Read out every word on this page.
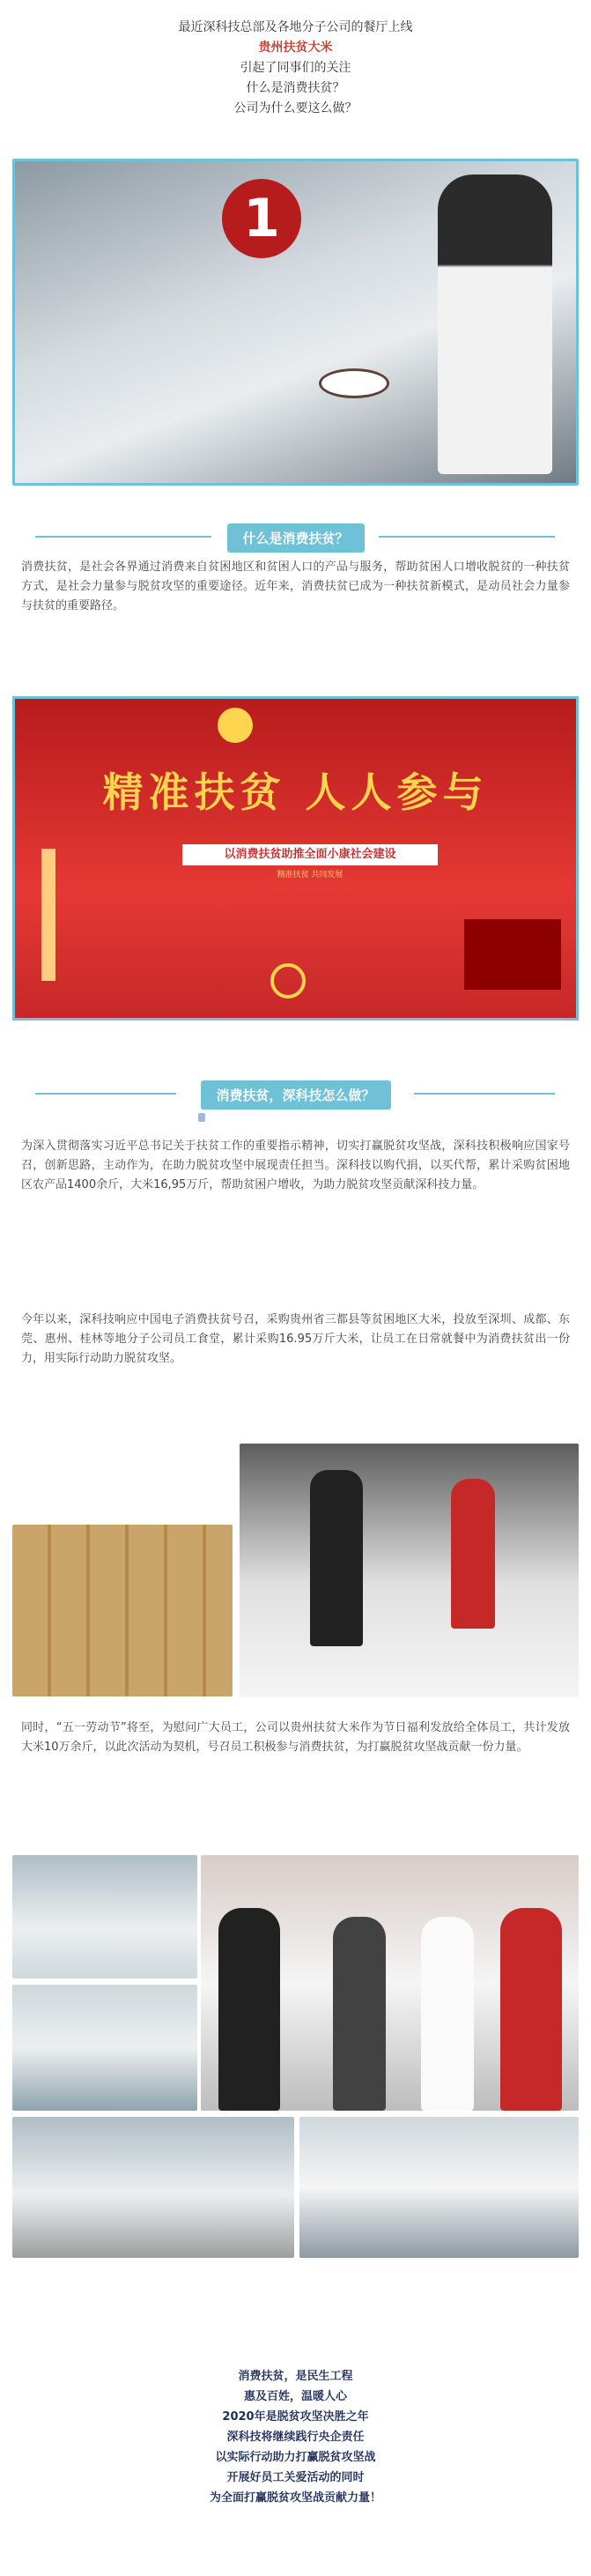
最近深科技总部及各地分子公司的餐厅上线
贵州扶贫大米
引起了同事们的关注
什么是消费扶贫？
公司为什么要这么做？
1
什么是消费扶贫？
消费扶贫，是社会各界通过消费来自贫困地区和贫困人口的产品与服务，帮助贫困人口增收脱贫的一种扶贫方式，是社会力量参与脱贫攻坚的重要途径。近年来，消费扶贫已成为一种扶贫新模式，是动员社会力量参与扶贫的重要路径。
精准扶贫 人人参与
以消费扶贫助推全面小康社会建设
精准扶贫 共同发展
消费扶贫，深科技怎么做？
为深入贯彻落实习近平总书记关于扶贫工作的重要指示精神，切实打赢脱贫攻坚战，深科技积极响应国家号召，创新思路，主动作为，在助力脱贫攻坚中展现责任担当。深科技以购代捐，以买代帮，累计采购贫困地区农产品1400余斤，大米16,95万斤，帮助贫困户增收，为助力脱贫攻坚贡献深科技力量。
今年以来，深科技响应中国电子消费扶贫号召，采购贵州省三都县等贫困地区大米，投放至深圳、成都、东莞、惠州、桂林等地分子公司员工食堂，累计采购16.95万斤大米，让员工在日常就餐中为消费扶贫出一份力，用实际行动助力脱贫攻坚。
同时，“五一劳动节”将至，为慰问广大员工，公司以贵州扶贫大米作为节日福利发放给全体员工，共计发放大米10万余斤，以此次活动为契机，号召员工积极参与消费扶贫，为打赢脱贫攻坚战贡献一份力量。
消费扶贫，是民生工程
惠及百姓，温暖人心
2020年是脱贫攻坚决胜之年
深科技将继续践行央企责任
以实际行动助力打赢脱贫攻坚战
开展好员工关爱活动的同时
为全面打赢脱贫攻坚战贡献力量！
